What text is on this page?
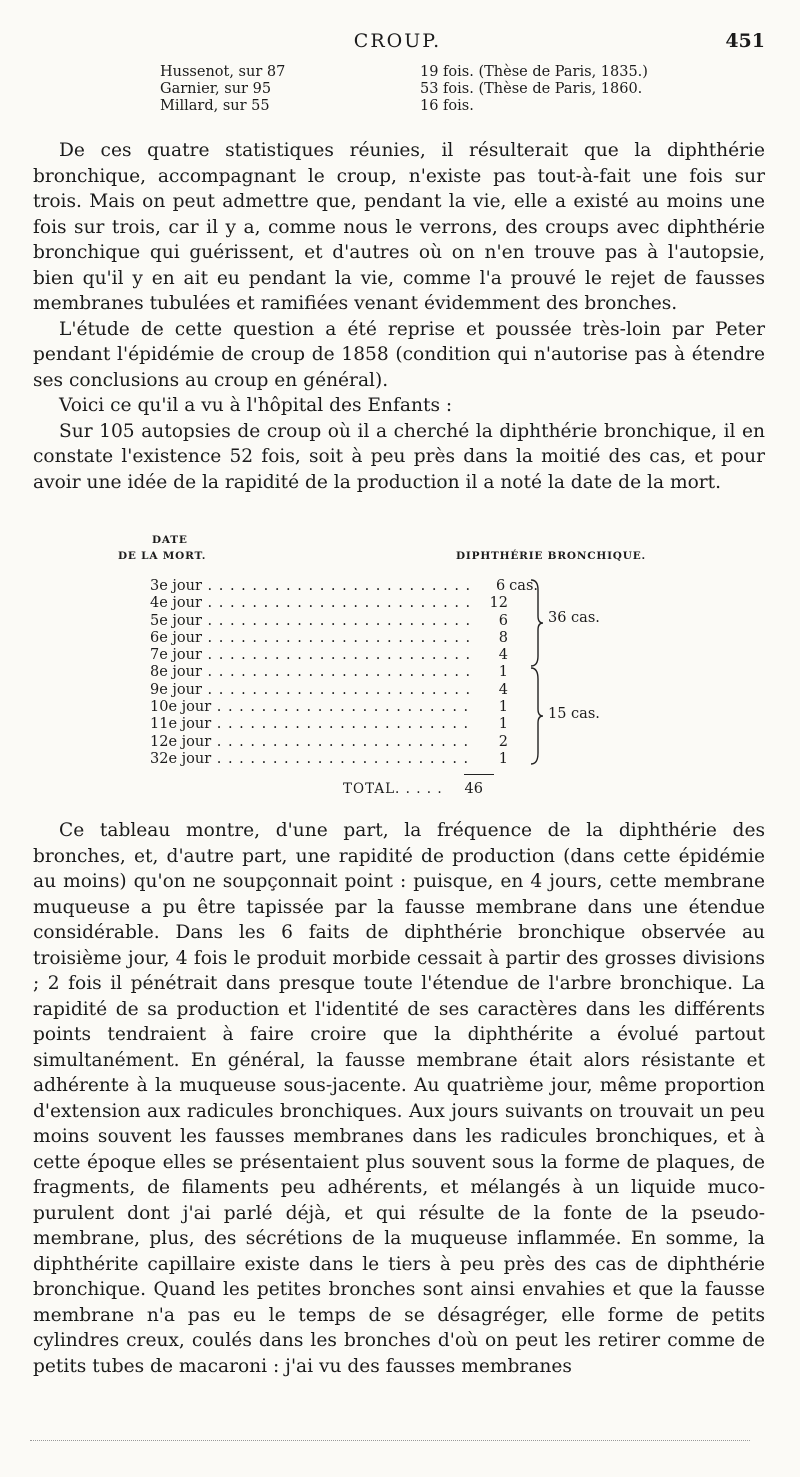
CROUP.	451
Hussenot, sur 87	19 fois. (Thèse de Paris, 1835.)
Garnier, sur 95	53 fois. (Thèse de Paris, 1860.
Millard, sur 55	16 fois.

De ces quatre statistiques réunies, il résulterait que la diphthérie bronchique, accompagnant le croup, n'existe pas tout-à-fait une fois sur trois. Mais on peut admettre que, pendant la vie, elle a existé au moins une fois sur trois, car il y a, comme nous le verrons, des croups avec diphthérie bronchique qui guérissent, et d'autres où on n'en trouve pas à l'autopsie, bien qu'il y en ait eu pendant la vie, comme l'a prouvé le rejet de fausses membranes tubulées et ramifiées venant évidemment des bronches.

L'étude de cette question a été reprise et poussée très-loin par Peter pendant l'épidémie de croup de 1858 (condition qui n'autorise pas à étendre ses conclusions au croup en général).

Voici ce qu'il a vu à l'hôpital des Enfants :

Sur 105 autopsies de croup où il a cherché la diphthérie bronchique, il en constate l'existence 52 fois, soit à peu près dans la moitié des cas, et pour avoir une idée de la rapidité de la production il a noté la date de la mort.

DATE
DE LA MORT.	DIPHTHÉRIE BRONCHIQUE.
3e jour . . .	6 cas.
4e jour . . .	12
5e jour . . .	6
6e jour . . .	8
7e jour . . .	4
8e jour . . .	1
9e jour . . .	4
10e jour . . .	1
11e jour . . .	1
12e jour . . .	2
32e jour . . .	1
36 cas.
15 cas.
TOTAL. . . . . 46

Ce tableau montre, d'une part, la fréquence de la diphthérie des bronches, et, d'autre part, une rapidité de production (dans cette épidémie au moins) qu'on ne soupçonnait point : puisque, en 4 jours, cette membrane muqueuse a pu être tapissée par la fausse membrane dans une étendue considérable. Dans les 6 faits de diphthérie bronchique observée au troisième jour, 4 fois le produit morbide cessait à partir des grosses divisions ; 2 fois il pénétrait dans presque toute l'étendue de l'arbre bronchique. La rapidité de sa production et l'identité de ses caractères dans les différents points tendraient à faire croire que la diphthérite a évolué partout simultanément. En général, la fausse membrane était alors résistante et adhérente à la muqueuse sous-jacente. Au quatrième jour, même proportion d'extension aux radicules bronchiques. Aux jours suivants on trouvait un peu moins souvent les fausses membranes dans les radicules bronchiques, et à cette époque elles se présentaient plus souvent sous la forme de plaques, de fragments, de filaments peu adhérents, et mélangés à un liquide muco-purulent dont j'ai parlé déjà, et qui résulte de la fonte de la pseudo-membrane, plus, des sécrétions de la muqueuse inflammée. En somme, la diphthérite capillaire existe dans le tiers à peu près des cas de diphthérie bronchique. Quand les petites bronches sont ainsi envahies et que la fausse membrane n'a pas eu le temps de se désagréger, elle forme de petits cylindres creux, coulés dans les bronches d'où on peut les retirer comme de petits tubes de macaroni : j'ai vu des fausses membranes
